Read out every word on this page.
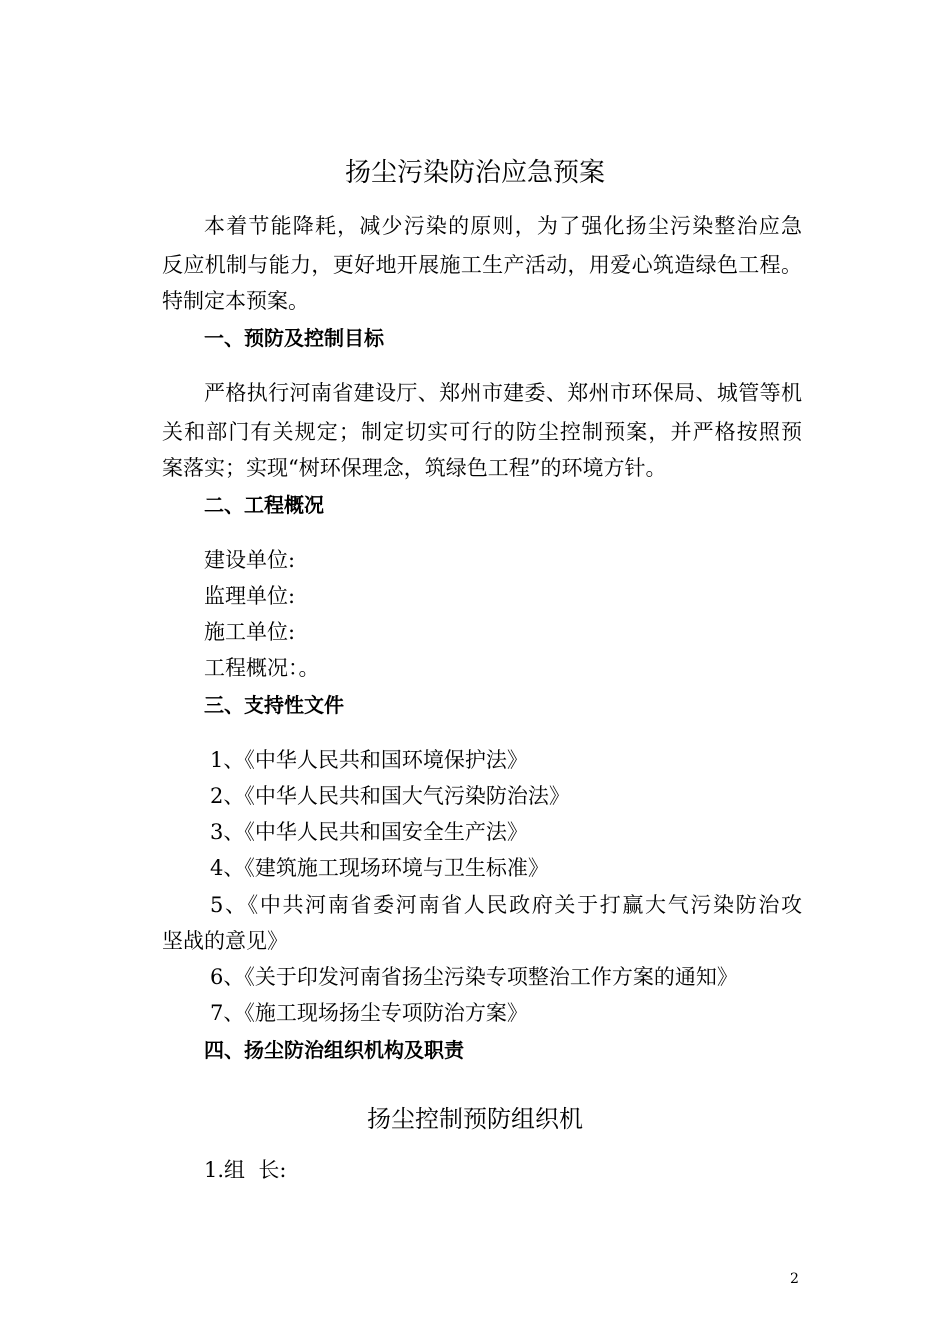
扬尘污染防治应急预案
本着节能降耗，减少污染的原则，为了强化扬尘污染整治应急
反应机制与能力，更好地开展施工生产活动，用爱心筑造绿色工程。
特制定本预案。
一、预防及控制目标
严格执行河南省建设厅、郑州市建委、郑州市环保局、城管等机
关和部门有关规定；制定切实可行的防尘控制预案，并严格按照预
案落实；实现“树环保理念，筑绿色工程”的环境方针。
二、工程概况
建设单位:
监理单位:
施工单位:
工程概况：。
三、支持性文件
1、《中华人民共和国环境保护法》
2、《中华人民共和国大气污染防治法》
3、《中华人民共和国安全生产法》
4、《建筑施工现场环境与卫生标准》
5、《中共河南省委河南省人民政府关于打赢大气污染防治攻
坚战的意见》
6、《关于印发河南省扬尘污染专项整治工作方案的通知》
7、《施工现场扬尘专项防治方案》
四、扬尘防治组织机构及职责
扬尘控制预防组织机
1.组  长:
2
